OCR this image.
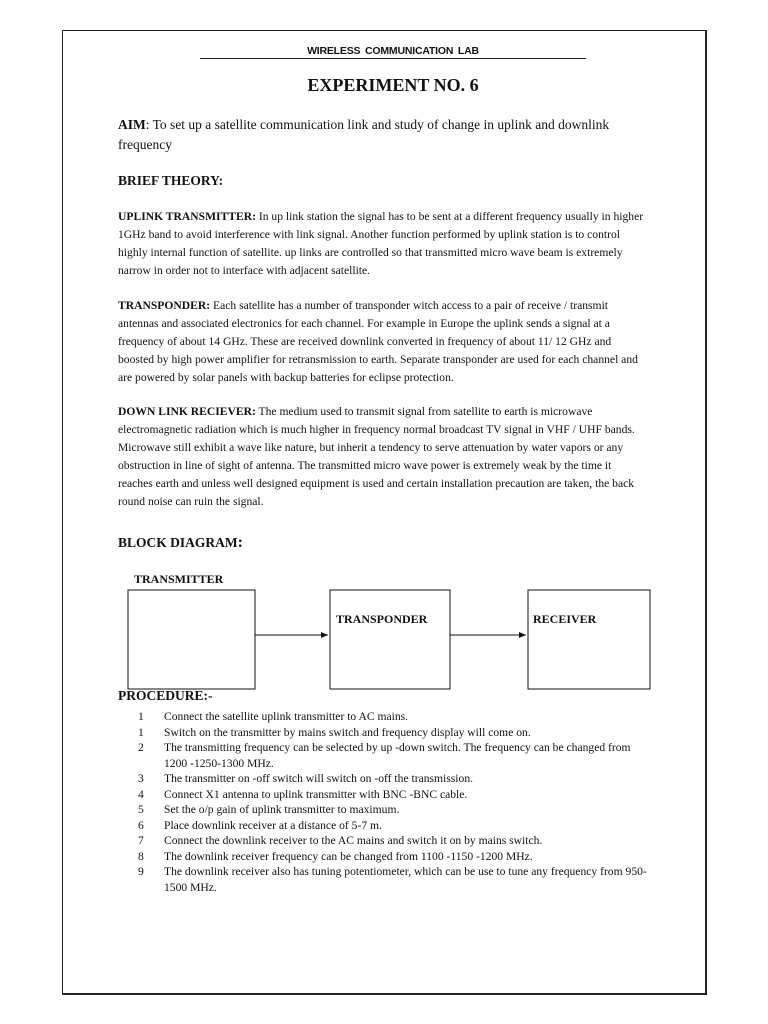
WIRELESS COMMUNICATION LAB
EXPERIMENT NO. 6
AIM: To set up a satellite communication link and study of change in uplink and downlink frequency
BRIEF THEORY:
UPLINK TRANSMITTER: In up link station the signal has to be sent at a different frequency usually in higher 1GHz band to avoid interference with link signal. Another function performed by uplink station is to control highly internal function of satellite. up links are controlled so that transmitted micro wave beam is extremely narrow in order not to interface with adjacent satellite.
TRANSPONDER: Each satellite has a number of transponder witch access to a pair of receive / transmit antennas and associated electronics for each channel. For example in Europe the uplink sends a signal at a frequency of about 14 GHz. These are received downlink converted in frequency of about 11/ 12 GHz and boosted by high power amplifier for retransmission to earth. Separate transponder are used for each channel and are powered by solar panels with backup batteries for eclipse protection.
DOWN LINK RECIEVER: The medium used to transmit signal from satellite to earth is microwave electromagnetic radiation which is much higher in frequency normal broadcast TV signal in VHF / UHF bands. Microwave still exhibit a wave like nature, but inherit a tendency to serve attenuation by water vapors or any obstruction in line of sight of antenna. The transmitted micro wave power is extremely weak by the time it reaches earth and unless well designed equipment is used and certain installation precaution are taken, the back round noise can ruin the signal.
BLOCK DIAGRAM:
TRANSMITTER
TRANSPONDER	RECEIVER
PROCEDURE:-
1	Connect the satellite uplink transmitter to AC mains.
1	Switch on the transmitter by mains switch and frequency display will come on.
2	The transmitting frequency can be selected by up -down switch. The frequency can be changed from 1200 -1250-1300 MHz.
3	The transmitter on -off switch will switch on -off the transmission.
4	Connect X1 antenna to uplink transmitter with BNC -BNC cable.
5	Set the o/p gain of uplink transmitter to maximum.
6	Place downlink receiver at a distance of 5-7 m.
7	Connect the downlink receiver to the AC mains and switch it on by mains switch.
8	The downlink receiver frequency can be changed from 1100 -1150 -1200 MHz.
9	The downlink receiver also has tuning potentiometer, which can be use to tune any frequency from 950- 1500 MHz.
